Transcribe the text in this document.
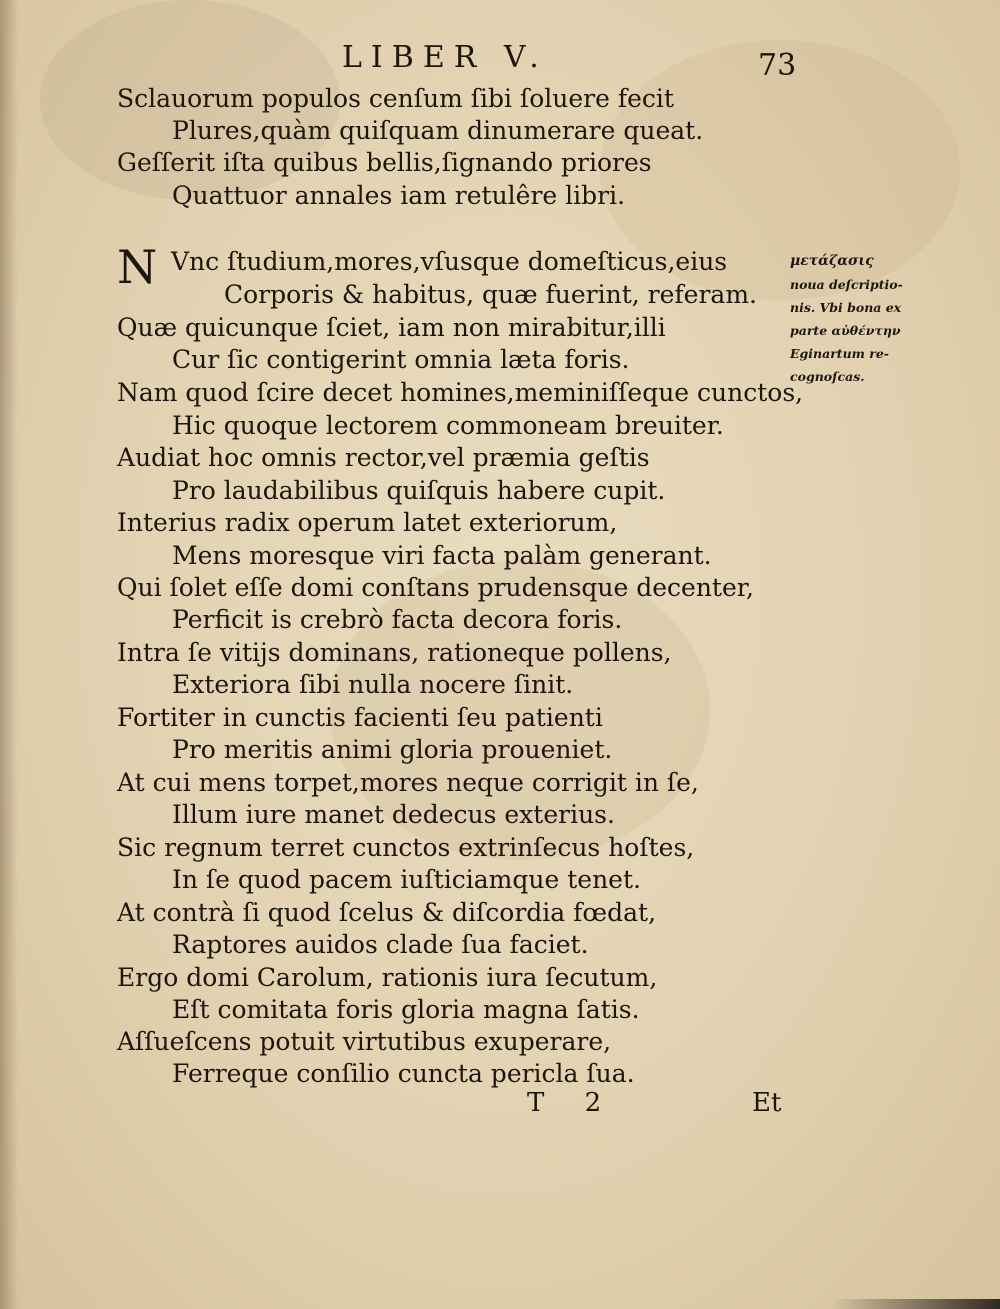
LIBER V.	73
Sclauorum populos cenſum ſibi ſoluere fecit
Plures,quàm quiſquam dinumerare queat.
Geſſerit iſta quibus bellis,ſignando priores
Quattuor annales iam retulêre libri.
N Vnc ſtudium,mores,vſusque domeſticus,eius
Corporis & habitus, quæ fuerint, referam.
Quæ quicunque ſciet, iam non mirabitur,illi
Cur ſic contigerint omnia læta foris.
Nam quod ſcire decet homines,meminiſſeque cunctos,
Hic quoque lectorem commoneam breuiter.
Audiat hoc omnis rector,vel præmia geſtis
Pro laudabilibus quiſquis habere cupit.
Interius radix operum latet exteriorum,
Mens moresque viri facta palàm generant.
Qui ſolet eſſe domi conſtans prudensque decenter,
Perficit is crebrò facta decora foris.
Intra ſe vitijs dominans, rationeque pollens,
Exteriora ſibi nulla nocere ſinit.
Fortiter in cunctis facienti ſeu patienti
Pro meritis animi gloria proueniet.
At cui mens torpet,mores neque corrigit in ſe,
Illum iure manet dedecus exterius.
Sic regnum terret cunctos extrinſecus hoſtes,
In ſe quod pacem iuſticiamque tenet.
At contrà ſi quod ſcelus & diſcordia fœdat,
Raptores auidos clade ſua faciet.
Ergo domi Carolum, rationis iura ſecutum,
Eſt comitata foris gloria magna ſatis.
Aſſueſcens potuit virtutibus exuperare,
Ferreque conſilio cuncta pericla ſua.
μετάζασις
noua deſcriptio-
nis. Vbi bona ex
parte αὐθέντην
Eginartum re-
cognoſcas.
T 2	Et
